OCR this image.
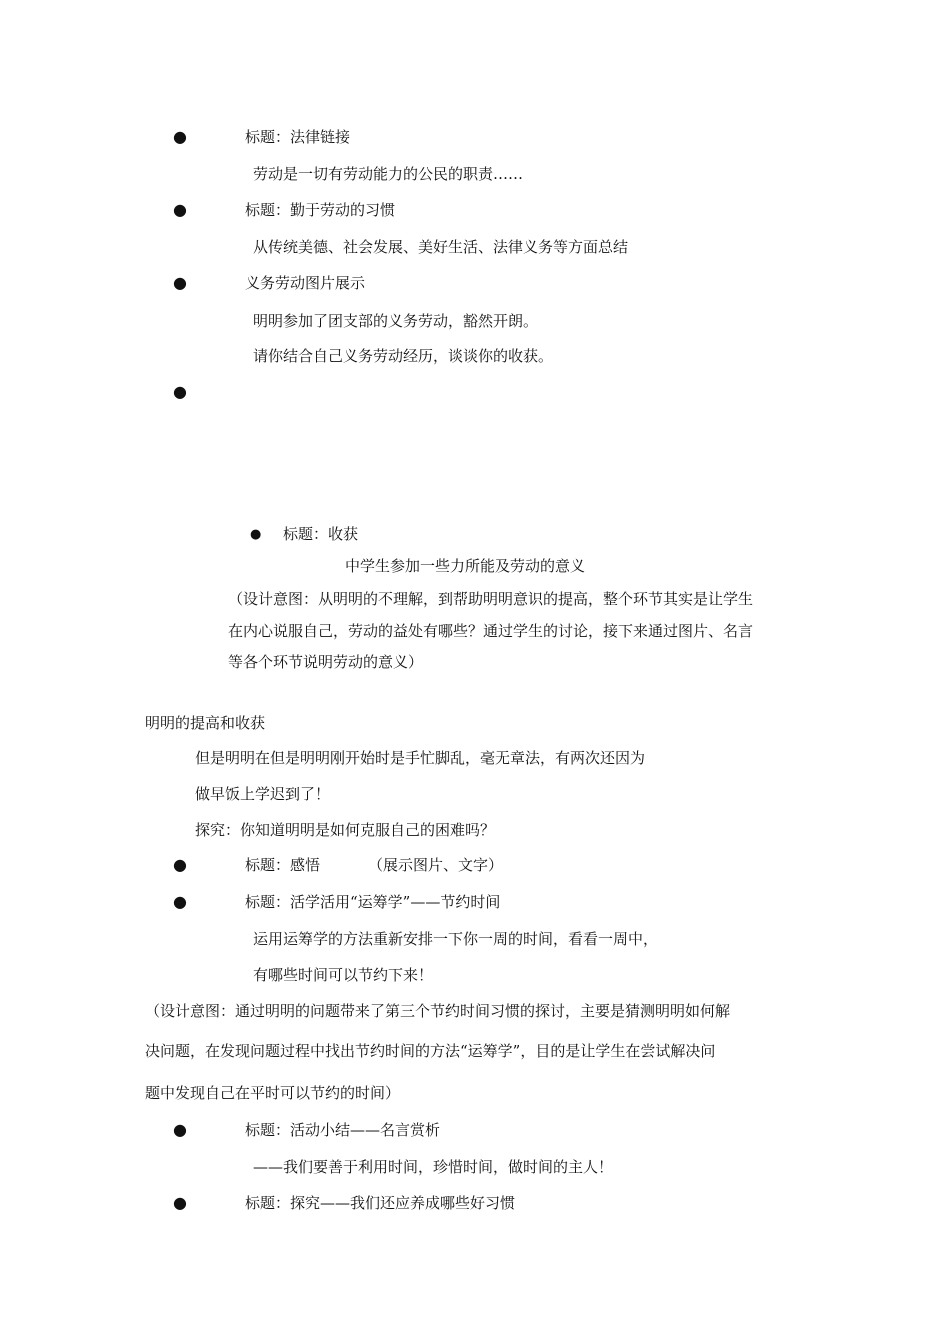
●	标题：法律链接
劳动是一切有劳动能力的公民的职责……
●	标题：勤于劳动的习惯
从传统美德、社会发展、美好生活、法律义务等方面总结
●	义务劳动图片展示
明明参加了团支部的义务劳动，豁然开朗。
请你结合自己义务劳动经历，谈谈你的收获。
●
● 标题：收获
中学生参加一些力所能及劳动的意义
（设计意图：从明明的不理解，到帮助明明意识的提高，整个环节其实是让学生
在内心说服自己，劳动的益处有哪些？通过学生的讨论，接下来通过图片、名言
等各个环节说明劳动的意义）
明明的提高和收获
但是明明在但是明明刚开始时是手忙脚乱，毫无章法，有两次还因为
做早饭上学迟到了！
探究：你知道明明是如何克服自己的困难吗？
●	标题：感悟	（展示图片、文字）
●	标题：活学活用“运筹学”——节约时间
运用运筹学的方法重新安排一下你一周的时间，看看一周中，
有哪些时间可以节约下来！
（设计意图：通过明明的问题带来了第三个节约时间习惯的探讨，主要是猜测明明如何解
决问题，在发现问题过程中找出节约时间的方法“运筹学”，目的是让学生在尝试解决问
题中发现自己在平时可以节约的时间）
●	标题：活动小结——名言赏析
——我们要善于利用时间，珍惜时间，做时间的主人！
●	标题：探究——我们还应养成哪些好习惯
